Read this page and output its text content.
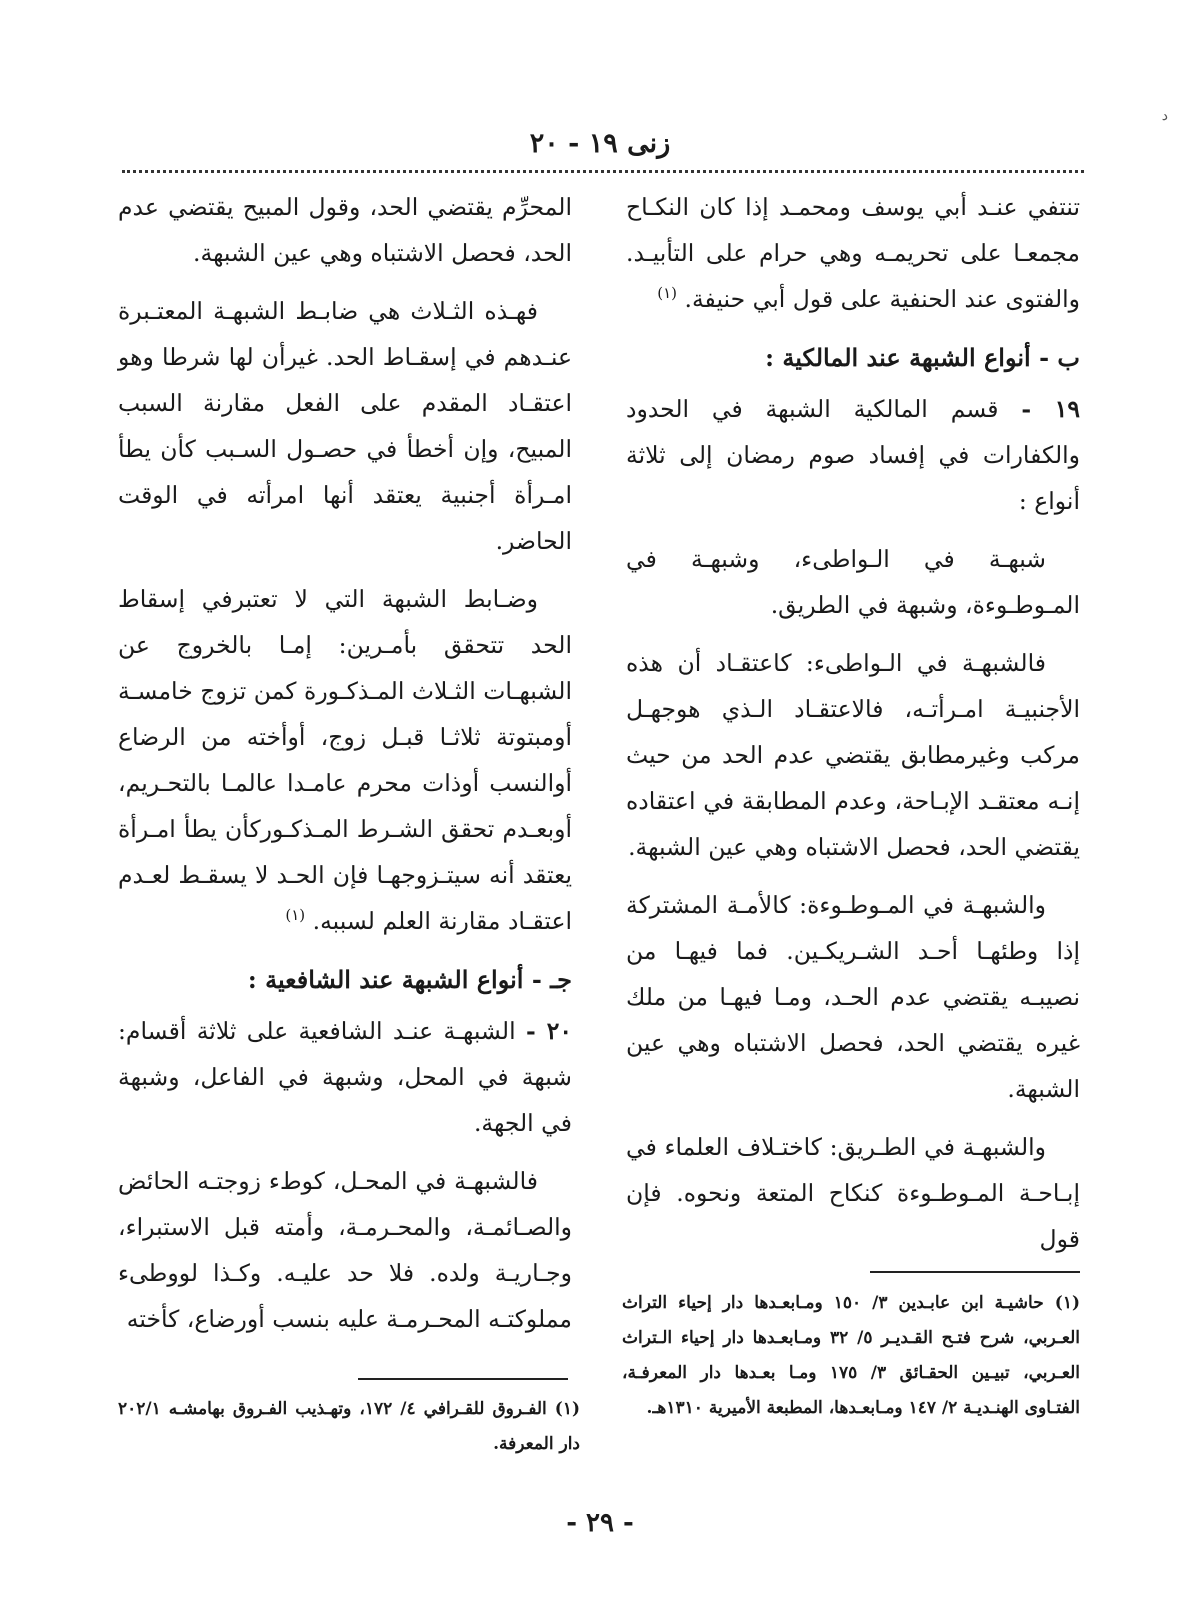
زنى ١٩ - ٢٠
ﺩ

تنتفي عنـد أبي يوسف ومحمـد إذا كان النكـاح مجمعـا على تحريمـه وهي حرام على التأبيـد. والفتوى عند الحنفية على قول أبي حنيفة. $^{(١)}$

ب - أنواع الشبهة عند المالكية :

١٩ - قسم المالكية الشبهة في الحدود والكفارات في إفساد صوم رمضان إلى ثلاثة أنواع :

شبهـة في الـواطىء، وشبهـة في المـوطـوءة، وشبهة في الطريق.

فالشبهـة في الـواطىء: كاعتقـاد أن هذه الأجنبيـة امـرأتـه، فالاعتقـاد الـذي هوجهـل مركب وغيرمطابق يقتضي عدم الحد من حيث إنـه معتقـد الإبـاحة، وعدم المطابقة في اعتقاده يقتضي الحد، فحصل الاشتباه وهي عين الشبهة.

والشبهـة في المـوطـوءة: كالأمـة المشتركة إذا وطئهـا أحـد الشـريكـين. فما فيهـا من نصيبـه يقتضي عدم الحـد، ومـا فيهـا من ملك غيره يقتضي الحد، فحصل الاشتباه وهي عين الشبهة.

والشبهـة في الطـريق: كاختـلاف العلماء في إبـاحـة المـوطـوءة كنكاح المتعة ونحوه. فإن قول

المحرِّم يقتضي الحد، وقول المبيح يقتضي عدم الحد، فحصل الاشتباه وهي عين الشبهة.

فهـذه الثـلاث هي ضابـط الشبهـة المعتـبرة عنـدهم في إسقـاط الحد. غيرأن لها شرطا وهو اعتقـاد المقدم على الفعل مقارنة السبب المبيح، وإن أخطأ في حصـول السـبب كأن يطأ امـرأة أجنبية يعتقد أنها امرأته في الوقت الحاضر.

وضـابط الشبهة التي لا تعتبرفي إسقاط الحد تتحقق بأمـرين: إمـا بالخروج عن الشبهـات الثـلاث المـذكـورة كمن تزوج خامسـة أومبتوتة ثلاثـا قبـل زوج، أوأخته من الرضاع أوالنسب أوذات محرم عامـدا عالمـا بالتحـريم، أوبعـدم تحقق الشـرط المـذكـوركأن يطأ امـرأة يعتقد أنه سيتـزوجهـا فإن الحـد لا يسقـط لعـدم اعتقـاد مقارنة العلم لسببه. $^{(١)}$

جـ - أنواع الشبهة عند الشافعية :

٢٠ - الشبهـة عنـد الشافعية على ثلاثة أقسام: شبهة في المحل، وشبهة في الفاعل، وشبهة في الجهة.

فالشبهـة في المحـل، كوطء زوجتـه الحائض والصـائمـة، والمحـرمـة، وأمته قبل الاستبراء، وجـاريـة ولده. فلا حد عليـه. وكـذا لووطىء مملوكتـه المحـرمـة عليه بنسب أورضاع، كأخته

(١) حاشيـة ابن عابـدين ٣/ ١٥٠ ومـابعـدها دار إحياء التراث العـربي، شرح فتـح القـديـر ٥/ ٣٢ ومـابعـدها دار إحياء الـتراث العـربي، تبيـين الحقـائق ٣/ ١٧٥ ومـا بعـدها دار المعرفـة، الفتـاوى الهنـديـة ٢/ ١٤٧ ومـابعـدها، المطبعة الأميرية ١٣١٠هـ.

(١) الفـروق للقـرافي ٤/ ١٧٢، وتهـذيب الفـروق بهامشـه ٢٠٢/١ دار المعرفة.

- ٢٩ -
